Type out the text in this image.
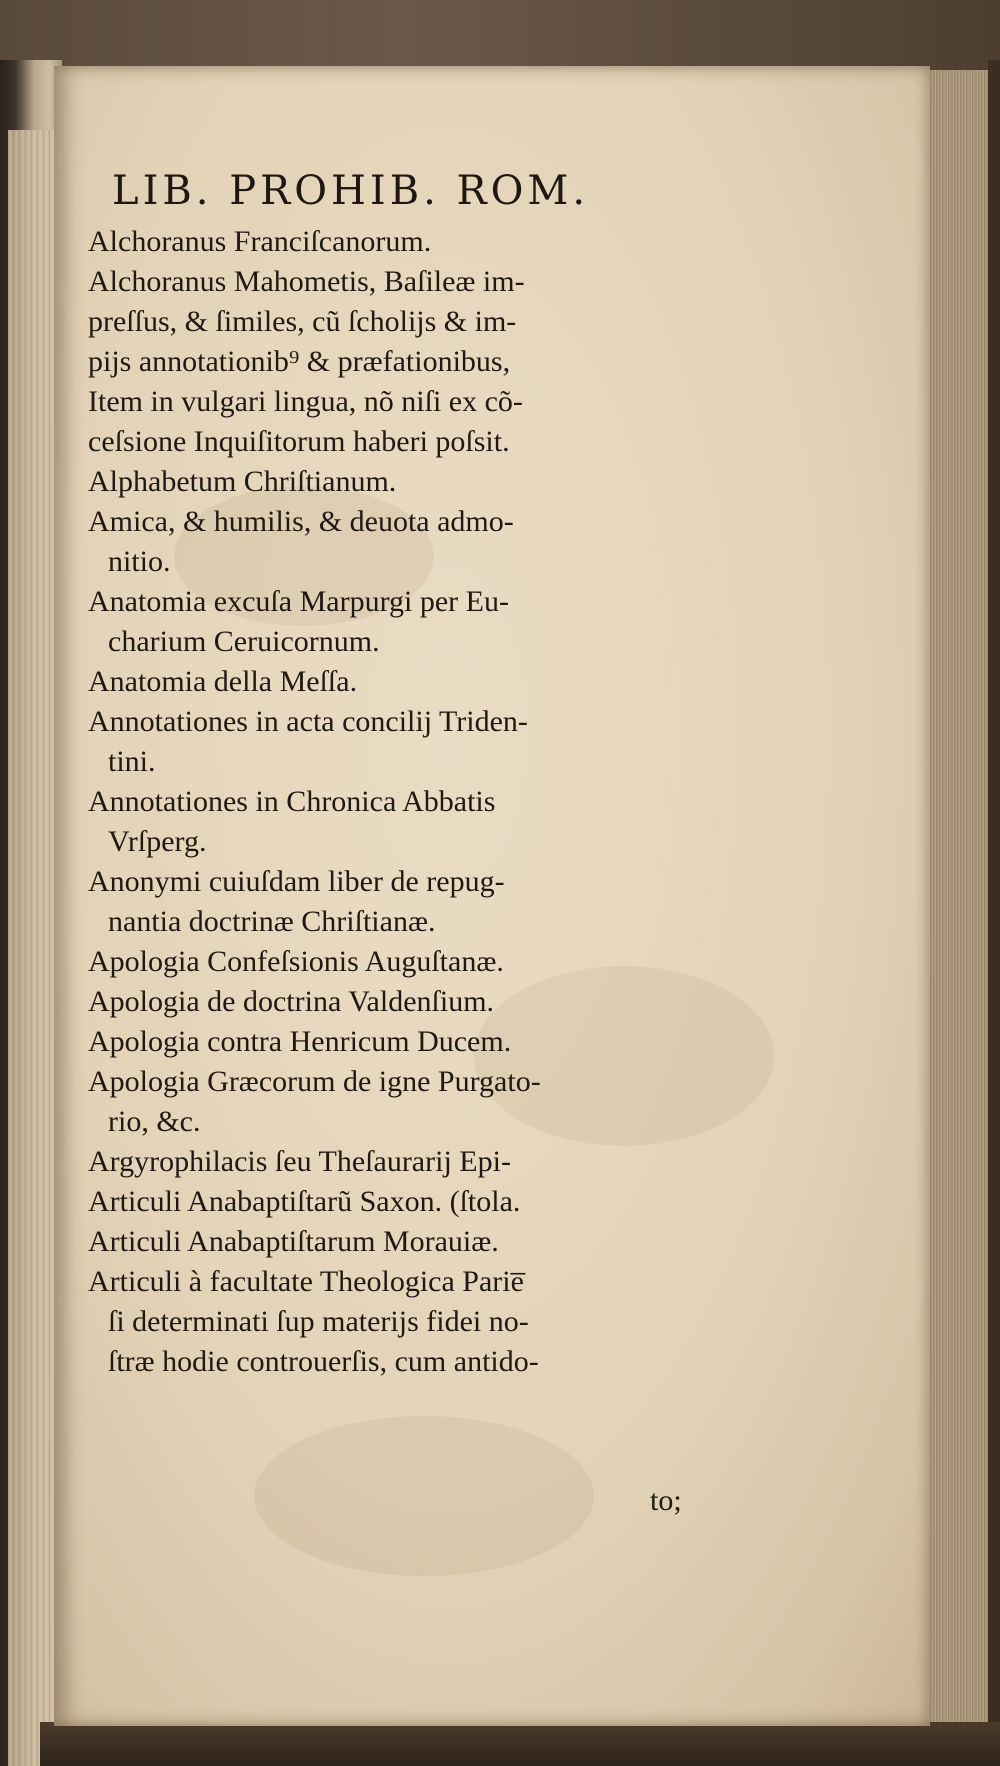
LIB. PROHIB. ROM.
Alchoranus Franciſcanorum.
Alchoranus Mahometis, Baſileæ im-
preſſus, & ſimiles, cũ ſcholijs & im-
pijs annotationib⁹ & præfationibus,
Item in vulgari lingua, nõ niſi ex cõ-
ceſsione Inquiſitorum haberi poſsit.
Alphabetum Chriſtianum.
Amica, & humilis, & deuota admo-
nitio.
Anatomia excuſa Marpurgi per Eu-
charium Ceruicornum.
Anatomia della Meſſa.
Annotationes in acta concilij Triden-
tini.
Annotationes in Chronica Abbatis
Vrſperg.
Anonymi cuiuſdam liber de repug-
nantia doctrinæ Chriſtianæ.
Apologia Confeſsionis Auguſtanæ.
Apologia de doctrina Valdenſium.
Apologia contra Henricum Ducem.
Apologia Græcorum de igne Purgato-
rio, &c.
Argyrophilacis ſeu Theſaurarij Epi-
Articuli Anabaptiſtarũ Saxon. (ſtola.
Articuli Anabaptiſtarum Morauiæ.
Articuli à facultate Theologica Parie̅
ſi determinati ſup materijs fidei no-
ſtræ hodie controuerſis, cum antido-
to;
